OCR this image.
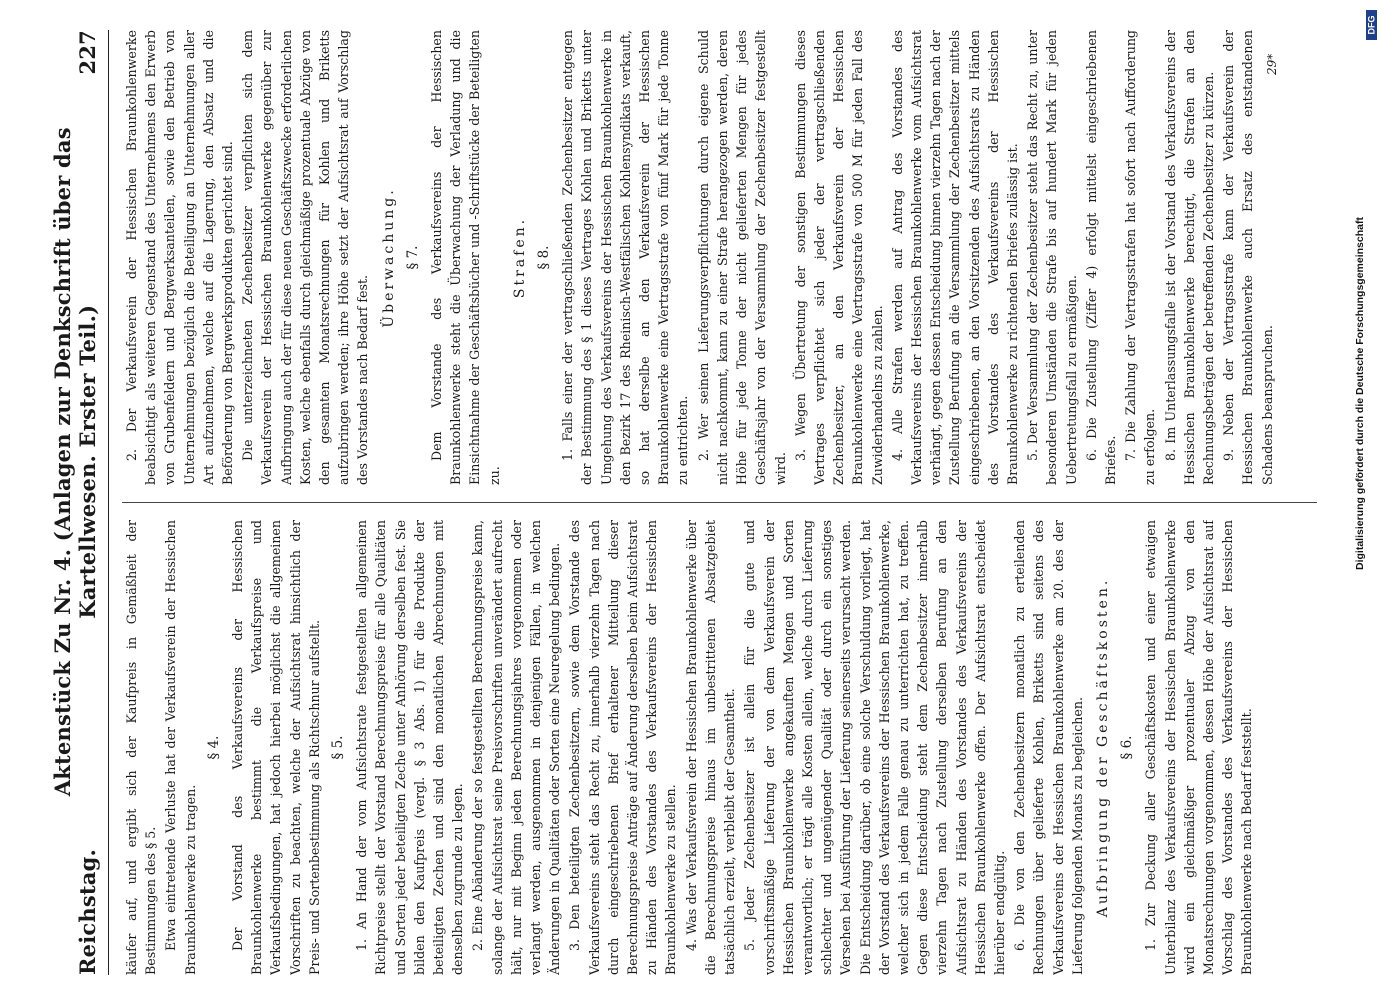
Reichstag.
Aktenstück Zu Nr. 4. (Anlagen zur Denkschrift über das Kartellwesen. Erster Teil.)
227

käufer auf, und ergibt sich der Kaufpreis in Gemäßheit der Bestimmungen des § 5. Etwa eintretende Verluste hat der Verkaufsverein der Hessischen Braunkohlenwerke zu tragen.

§ 4. Der Vorstand des Verkaufsvereins der Hessischen Braunkohlenwerke bestimmt die Verkaufspreise und Verkaufsbedingungen, hat jedoch hierbei möglichst die allgemeinen Vorschriften zu beachten, welche der Aufsichtsrat hinsichtlich der Preis- und Sortenbestimmung als Richtschnur aufstellt. § 5. 1. An Hand der vom Aufsichtsrate festgestellten allgemeinen Richtpreise stellt der Vorstand Berechnungspreise für alle Qualitäten und Sorten jeder beteiligten Zeche unter Anhörung derselben fest. Sie bilden den Kaufpreis (vergl. § 3 Abs. 1) für die Produkte der beteiligten Zechen und sind den monatlichen Abrechnungen mit denselben zugrunde zu legen. 2. Eine Abänderung der so festgestellten Berechnungspreise kann, solange der Aufsichtsrat seine Preisvorschriften unverändert aufrecht hält, nur mit Beginn jeden Berechnungsjahres vorgenommen oder verlangt werden, ausgenommen in denjenigen Fällen, in welchen Änderungen in Qualitäten oder Sorten eine Neuregelung bedingen. 3. Den beteiligten Zechenbesitzern, sowie dem Vorstande des Verkaufsvereins steht das Recht zu, innerhalb vierzehn Tagen nach durch eingeschriebenen Brief erhaltener Mitteilung dieser Berechnungspreise Anträge auf Änderung derselben beim Aufsichtsrat zu Händen des Vorstandes des Verkaufsvereins der Hessischen Braunkohlenwerke zu stellen. 4. Was der Verkaufsverein der Hessischen Braunkohlenwerke über die Berechnungspreise hinaus im unbestrittenen Absatzgebiet tatsächlich erzielt, verbleibt der Gesamtheit. 5. Jeder Zechenbesitzer ist allein für die gute und vorschriftsmäßige Lieferung der von dem Verkaufsverein der Hessischen Braunkohlenwerke angekauften Mengen und Sorten verantwortlich; er trägt alle Kosten allein, welche durch Lieferung schlechter und ungenügender Qualität oder durch ein sonstiges Versehen bei Ausführung der Lieferung seinerseits verursacht werden. Die Entscheidung darüber, ob eine solche Verschuldung vorliegt, hat der Vorstand des Verkaufsvereins der Hessischen Braunkohlenwerke, welcher sich in jedem Falle genau zu unterrichten hat, zu treffen. Gegen diese Entscheidung steht dem Zechenbesitzer innerhalb vierzehn Tagen nach Zustellung derselben Berufung an den Aufsichtsrat zu Händen des Vorstandes des Verkaufsvereins der Hessischen Braunkohlenwerke offen. Der Aufsichtsrat entscheidet hierüber endgültig. 6. Die von den Zechenbesitzern monatlich zu erteilenden Rechnungen über gelieferte Kohlen, Briketts sind seitens des Verkaufsvereins der Hessischen Braunkohlenwerke am 20. des der Lieferung folgenden Monats zu begleichen. Aufbringung der Geschäftskosten. § 6. 1. Zur Deckung aller Geschäftskosten und einer etwaigen Unterbilanz des Verkaufsvereins der Hessischen Braunkohlenwerke wird ein gleichmäßiger prozentualer Abzug von den Monatsrechnungen vorgenommen, dessen Höhe der Aufsichtsrat auf Vorschlag des Vorstandes des Verkaufsvereins der Hessischen Braunkohlenwerke nach Bedarf feststellt.

2. Der Verkaufsverein der Hessischen Braunkohlenwerke beabsichtigt als weiteren Gegenstand des Unternehmens den Erwerb von Grubenfeldern und Bergwerksanteilen, sowie den Betrieb von Unternehmungen bezüglich die Beteiligung an Unternehmungen aller Art aufzunehmen, welche auf die Lagerung, den Absatz und die Beförderung von Bergwerksprodukten gerichtet sind. Die unterzeichneten Zechenbesitzer verpflichten sich dem Verkaufsverein der Hessischen Braunkohlenwerke gegenüber zur Aufbringung auch der für diese neuen Geschäftszwecke erforderlichen Kosten, welche ebenfalls durch gleichmäßige prozentuale Abzüge von den gesamten Monatsrechnungen für Kohlen und Briketts aufzubringen werden; ihre Höhe setzt der Aufsichtsrat auf Vorschlag des Vorstandes nach Bedarf fest.

Überwachung. § 7. Dem Vorstande des Verkaufsvereins der Hessischen Braunkohlenwerke steht die Überwachung der Verladung und die Einsichtnahme der Geschäftsbücher und -Schriftstücke der Beteiligten zu.

Strafen. § 8. 1. Falls einer der vertragschließenden Zechenbesitzer entgegen der Bestimmung des § 1 dieses Vertrages Kohlen und Briketts unter Umgehung des Verkaufsvereins der Hessischen Braunkohlenwerke in den Bezirk 17 des Rheinisch-Westfälischen Kohlensyndikats verkauft, so hat derselbe an den Verkaufsverein der Hessischen Braunkohlenwerke eine Vertragsstrafe von fünf Mark für jede Tonne zu entrichten. 2. Wer seinen Lieferungsverpflichtungen durch eigene Schuld nicht nachkommt, kann zu einer Strafe herangezogen werden, deren Höhe für jede Tonne der nicht gelieferten Mengen für jedes Geschäftsjahr von der Versammlung der Zechenbesitzer festgestellt wird.

3. Wegen Übertretung der sonstigen Bestimmungen dieses Vertrages verpflichtet sich jeder der vertragschließenden Zechenbesitzer, an den Verkaufsverein der Hessischen Braunkohlenwerke eine Vertragsstrafe von 500 M für jeden Fall des Zuwiderhandelns zu zahlen. 4. Alle Strafen werden auf Antrag des Vorstandes des Verkaufsvereins der Hessischen Braunkohlenwerke vom Aufsichtsrat verhängt, gegen dessen Entscheidung binnen vierzehn Tagen nach der Zustellung Berufung an die Versammlung der Zechenbesitzer mittels eingeschriebenen, an den Vorsitzenden des Aufsichtsrats zu Händen des Vorstandes des Verkaufsvereins der Hessischen Braunkohlenwerke zu richtenden Briefes zulässig ist. 5. Der Versammlung der Zechenbesitzer steht das Recht zu, unter besonderen Umständen die Strafe bis auf hundert Mark für jeden Uebertretungsfall zu ermäßigen. 6. Die Zustellung (Ziffer 4) erfolgt mittelst eingeschriebenen Briefes. 7. Die Zahlung der Vertragsstrafen hat sofort nach Aufforderung zu erfolgen. 8. Im Unterlassungsfalle ist der Vorstand des Verkaufsvereins der Hessischen Braunkohlenwerke berechtigt, die Strafen an den Rechnungsbeträgen der betreffenden Zechenbesitzer zu kürzen. 9. Neben der Vertragsstrafe kann der Verkaufsverein der Hessischen Braunkohlenwerke auch Ersatz des entstandenen Schadens beanspruchen.

29*
Digitalisierung gefördert durch die Deutsche Forschungsgemeinschaft
DFG
